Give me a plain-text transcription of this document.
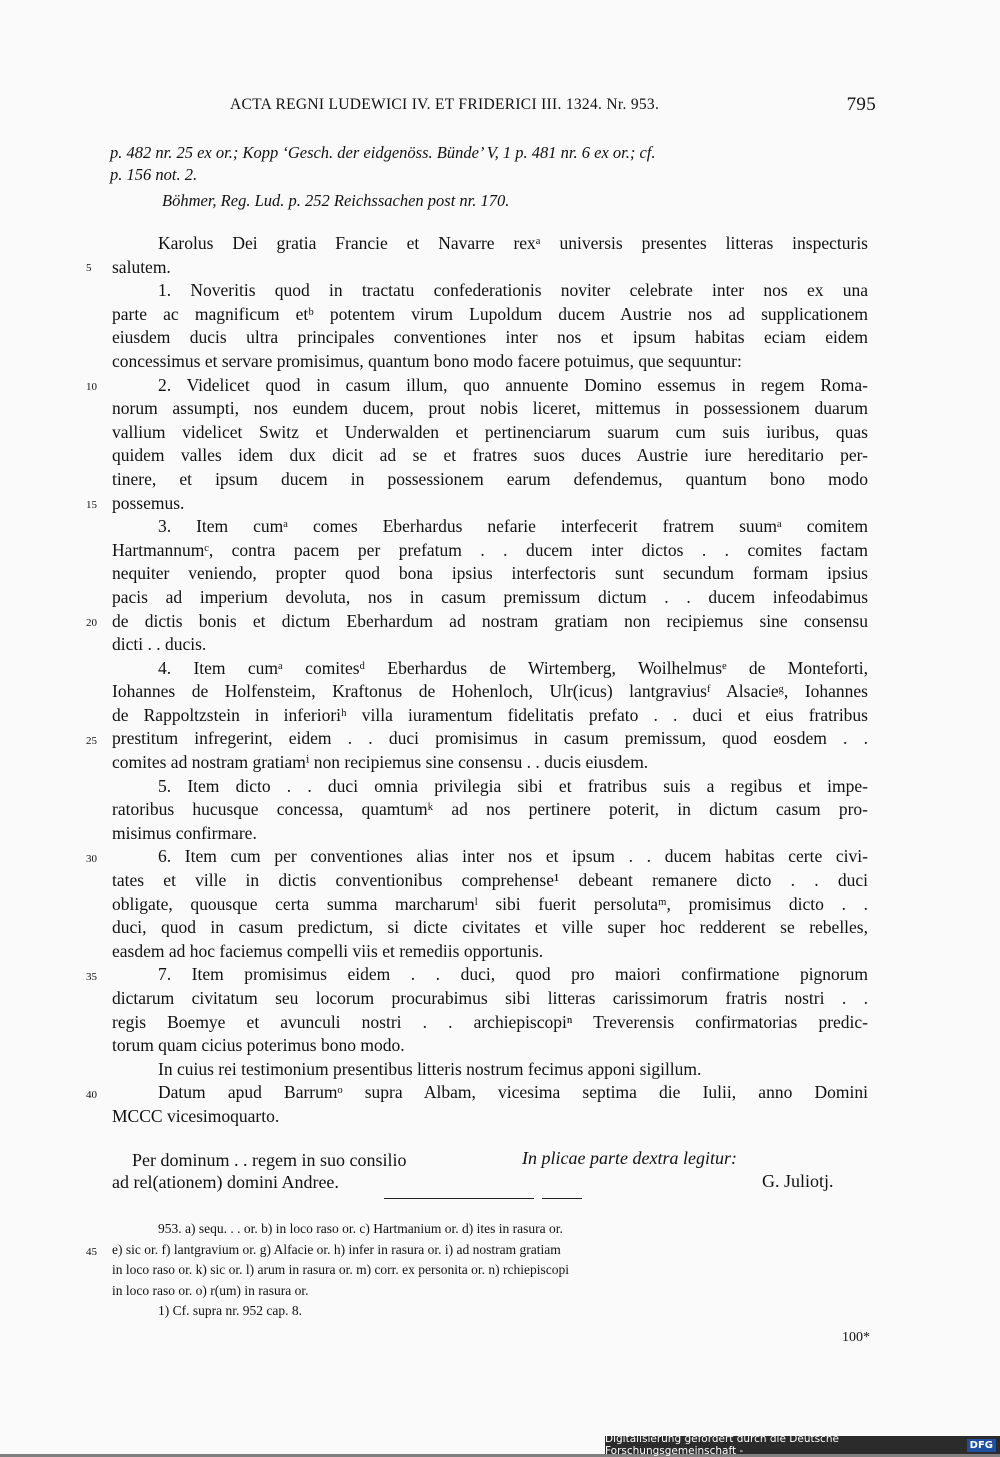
ACTA REGNI LUDEWICI IV. ET FRIDERICI III. 1324. Nr. 953.	795
p. 482 nr. 25 ex or.; Kopp ‘Gesch. der eidgenöss. Bünde’ V, 1 p. 481 nr. 6 ex or.; cf.
p. 156 not. 2.
Böhmer, Reg. Lud. p. 252 Reichssachen post nr. 170.
Karolus Dei gratia Francie et Navarre rexᵃ universis presentes litteras inspecturis
salutem.
1. Noveritis quod in tractatu confederationis noviter celebrate inter nos ex una
parte ac magnificum etᵇ potentem virum Lupoldum ducem Austrie nos ad supplicationem
eiusdem ducis ultra principales conventiones inter nos et ipsum habitas eciam eidem
concessimus et servare promisimus, quantum bono modo facere potuimus, que sequuntur:
2. Videlicet quod in casum illum, quo annuente Domino essemus in regem Roma-
norum assumpti, nos eundem ducem, prout nobis liceret, mittemus in possessionem duarum
vallium videlicet Switz et Underwalden et pertinenciarum suarum cum suis iuribus, quas
quidem valles idem dux dicit ad se et fratres suos duces Austrie iure hereditario per-
tinere, et ipsum ducem in possessionem earum defendemus, quantum bono modo
possemus.
3. Item cumᵃ comes Eberhardus nefarie interfecerit fratrem suumᵃ comitem
Hartmannumᶜ, contra pacem per prefatum . . ducem inter dictos . . comites factam
nequiter veniendo, propter quod bona ipsius interfectoris sunt secundum formam ipsius
pacis ad imperium devoluta, nos in casum premissum dictum . . ducem infeodabimus
de dictis bonis et dictum Eberhardum ad nostram gratiam non recipiemus sine consensu
dicti . . ducis.
4. Item cumᵃ comitesᵈ Eberhardus de Wirtemberg, Woilhelmusᵉ de Monteforti,
Iohannes de Holfensteim, Kraftonus de Hohenloch, Ulr(icus) lantgraviusᶠ Alsacieᵍ, Iohannes
de Rappoltzstein in inferioriʰ villa iuramentum fidelitatis prefato . . duci et eius fratribus
prestitum infregerint, eidem . . duci promisimus in casum premissum, quod eosdem . .
comites ad nostram gratiamⁱ non recipiemus sine consensu . . ducis eiusdem.
5. Item dicto . . duci omnia privilegia sibi et fratribus suis a regibus et impe-
ratoribus hucusque concessa, quamtumᵏ ad nos pertinere poterit, in dictum casum pro-
misimus confirmare.
6. Item cum per conventiones alias inter nos et ipsum . . ducem habitas certe civi-
tates et ville in dictis conventionibus comprehense¹ debeant remanere dicto . . duci
obligate, quousque certa summa marcharumˡ sibi fuerit persolutaᵐ, promisimus dicto . .
duci, quod in casum predictum, si dicte civitates et ville super hoc redderent se rebelles,
easdem ad hoc faciemus compelli viis et remediis opportunis.
7. Item promisimus eidem . . duci, quod pro maiori confirmatione pignorum
dictarum civitatum seu locorum procurabimus sibi litteras carissimorum fratris nostri . .
regis Boemye et avunculi nostri . . archiepiscopiⁿ Treverensis confirmatorias predic-
torum quam cicius poterimus bono modo.
In cuius rei testimonium presentibus litteris nostrum fecimus apponi sigillum.
Datum apud Barrumᵒ supra Albam, vicesima septima die Iulii, anno Domini
MCCC vicesimoquarto.
5
10
15
20
25
30
35
40
45
Per dominum . . regem in suo consilio
ad rel(ationem) domini Andree.
In plicae parte dextra legitur:
G. Juliotj.
953. a) sequ. . . or. b) in loco raso or. c) Hartmanium or. d) ites in rasura or.
e) sic or. f) lantgravium or. g) Alfacie or. h) infer in rasura or. i) ad nostram gratiam
in loco raso or. k) sic or. l) arum in rasura or. m) corr. ex personita or. n) rchiepiscopi
in loco raso or. o) r(um) in rasura or.
1) Cf. supra nr. 952 cap. 8.
100*
Digitalisierung gefördert durch die Deutsche Forschungsgemeinschaft -	DFG
